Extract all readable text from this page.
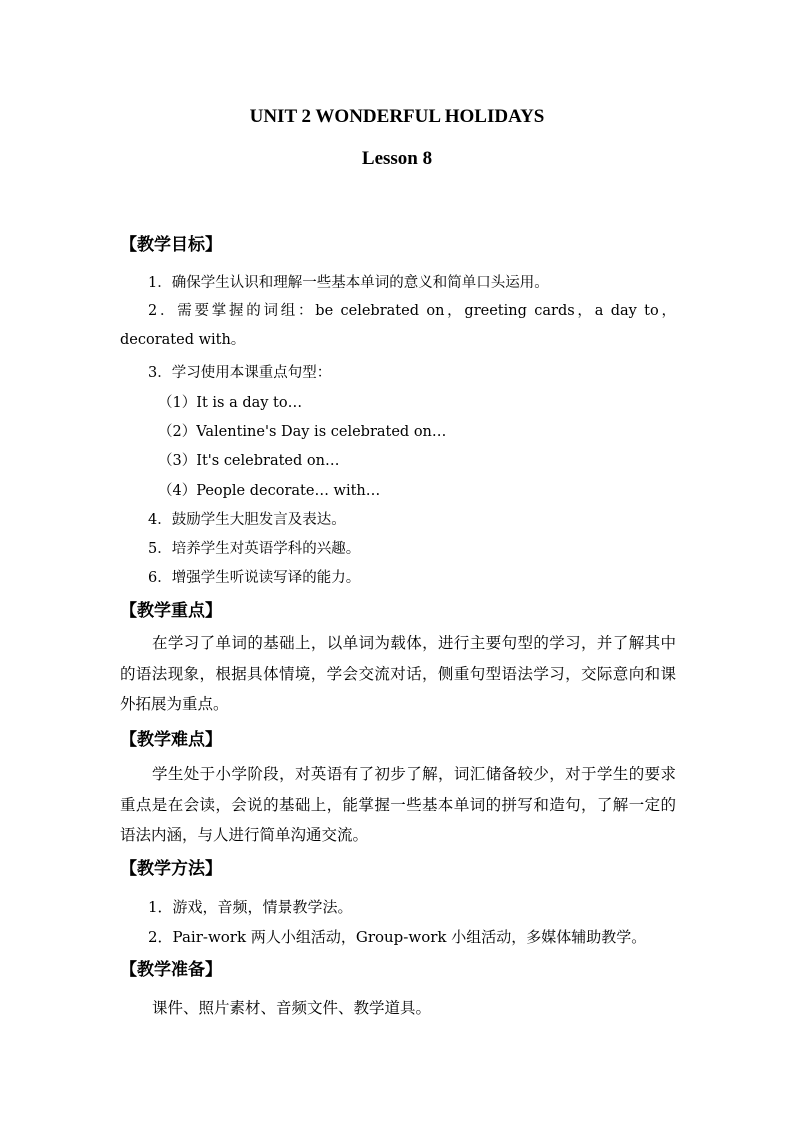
UNIT 2 WONDERFUL HOLIDAYS
Lesson 8
【教学目标】
1．确保学生认识和理解一些基本单词的意义和简单口头运用。
2．需要掌握的词组：be celebrated on，greeting cards，a day to， decorated with。
3．学习使用本课重点句型：
（1）It is a day to…
（2）Valentine's Day is celebrated on…
（3）It's celebrated on…
（4）People decorate… with…
4．鼓励学生大胆发言及表达。
5．培养学生对英语学科的兴趣。
6．增强学生听说读写译的能力。
【教学重点】
在学习了单词的基础上，以单词为载体，进行主要句型的学习，并了解其中的语法现象，根据具体情境，学会交流对话，侧重句型语法学习，交际意向和课外拓展为重点。
【教学难点】
学生处于小学阶段，对英语有了初步了解，词汇储备较少，对于学生的要求重点是在会读，会说的基础上，能掌握一些基本单词的拼写和造句，了解一定的语法内涵，与人进行简单沟通交流。
【教学方法】
1．游戏，音频，情景教学法。
2．Pair-work 两人小组活动，Group-work 小组活动，多媒体辅助教学。
【教学准备】
课件、照片素材、音频文件、教学道具。
